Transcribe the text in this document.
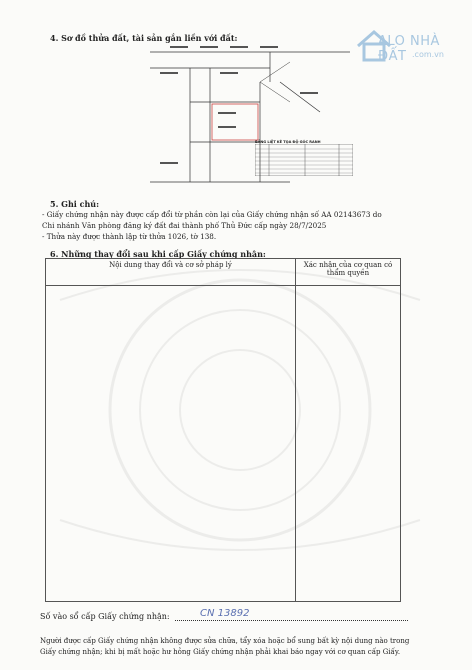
ALO NHÀ ĐẤT .com.vn
4. Sơ đồ thửa đất, tài sản gắn liền với đất:
BẢNG LIỆT KÊ TỌA ĐỘ GÓC RANH
5. Ghi chú:
- Giấy chứng nhận này được cấp đổi từ phần còn lại của Giấy chứng nhận số AA 02143673 do
Chi nhánh Văn phòng đăng ký đất đai thành phố Thủ Đức cấp ngày 28/7/2025
- Thửa này được thành lập từ thửa 1026, tờ 138.
6. Những thay đổi sau khi cấp Giấy chứng nhận:
Nội dung thay đổi và cơ sở pháp lý	Xác nhận của cơ quan có thẩm quyền

Số vào sổ cấp Giấy chứng nhận:	CN 13892
Người được cấp Giấy chứng nhận không được sửa chữa, tẩy xóa hoặc bổ sung bất kỳ nội dung nào trong
Giấy chứng nhận; khi bị mất hoặc hư hỏng Giấy chứng nhận phải khai báo ngay với cơ quan cấp Giấy.
